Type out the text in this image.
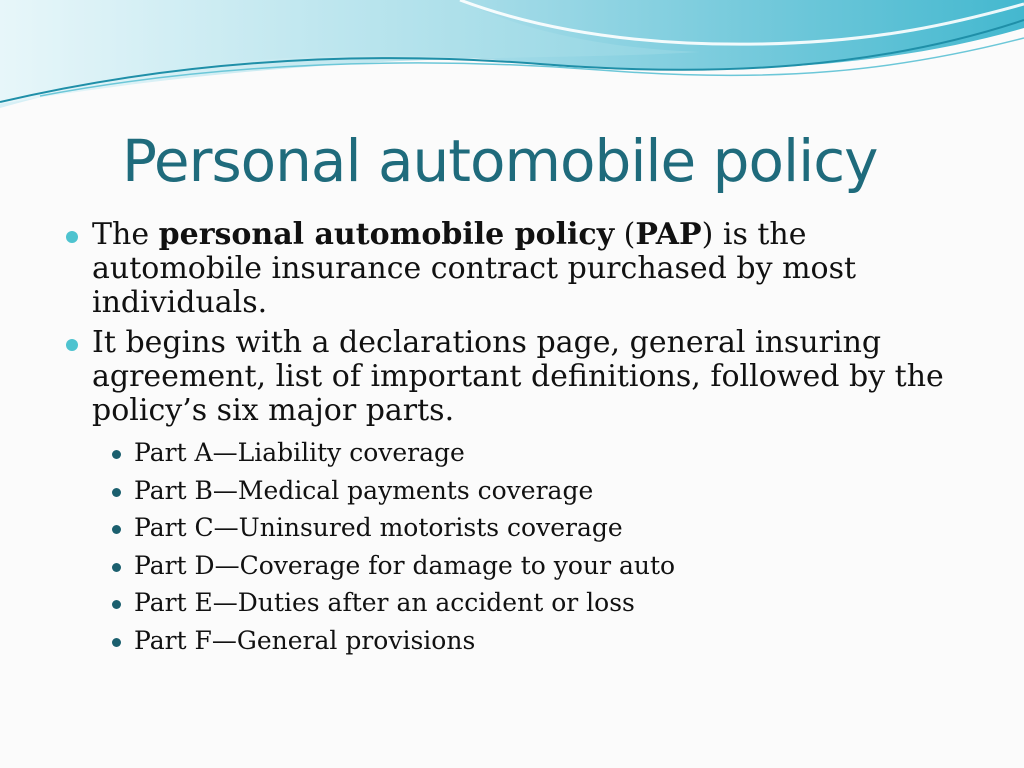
Personal automobile policy
The personal automobile policy (PAP) is the automobile insurance contract purchased by most individuals.
It begins with a declarations page, general insuring agreement, list of important definitions, followed by the policy’s six major parts.
Part A—Liability coverage
Part B—Medical payments coverage
Part C—Uninsured motorists coverage
Part D—Coverage for damage to your auto
Part E—Duties after an accident or loss
Part F—General provisions
